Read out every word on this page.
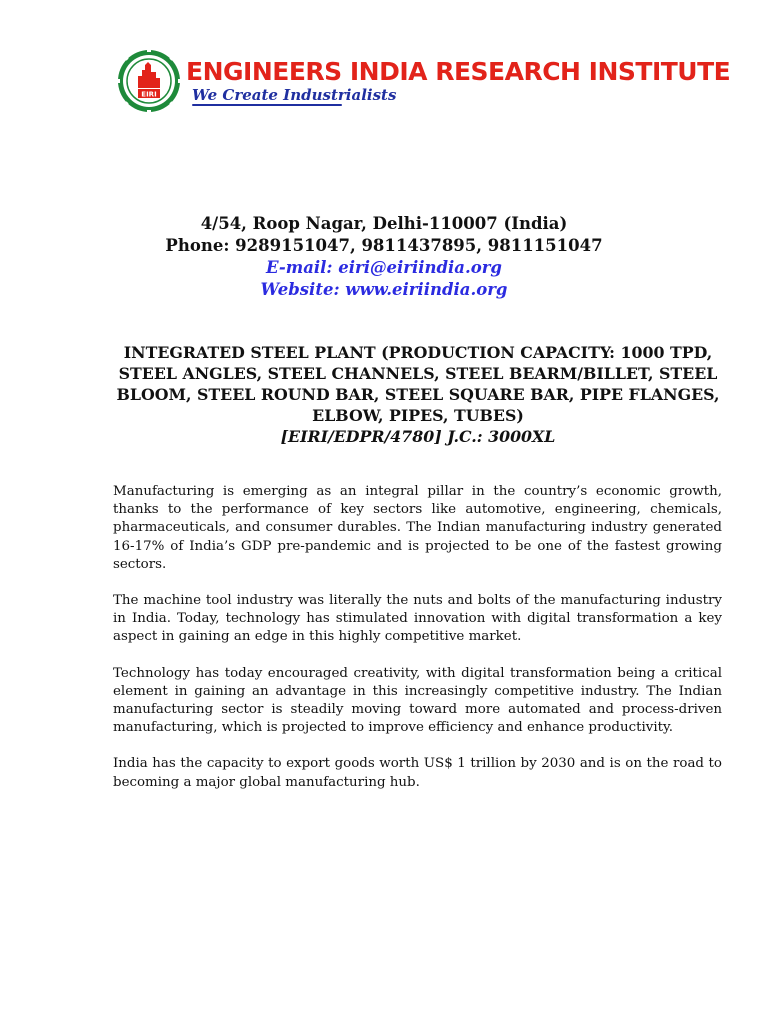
EIRI
ENGINEERS INDIA RESEARCH INSTITUTE
We Create Industrialists
4/54, Roop Nagar, Delhi-110007 (India)
Phone: 9289151047, 9811437895, 9811151047
E-mail: eiri@eiriindia.org
Website: www.eiriindia.org
INTEGRATED STEEL PLANT (PRODUCTION CAPACITY: 1000 TPD, STEEL ANGLES, STEEL CHANNELS, STEEL BEARM/BILLET, STEEL BLOOM, STEEL ROUND BAR, STEEL SQUARE BAR, PIPE FLANGES, ELBOW, PIPES, TUBES)
[EIRI/EDPR/4780] J.C.: 3000XL

Manufacturing is emerging as an integral pillar in the country’s economic growth, thanks to the performance of key sectors like automotive, engineering, chemicals, pharmaceuticals, and consumer durables. The Indian manufacturing industry generated 16-17% of India’s GDP pre-pandemic and is projected to be one of the fastest growing sectors.

The machine tool industry was literally the nuts and bolts of the manufacturing industry in India. Today, technology has stimulated innovation with digital transformation a key aspect in gaining an edge in this highly competitive market.

Technology has today encouraged creativity, with digital transformation being a critical element in gaining an advantage in this increasingly competitive industry. The Indian manufacturing sector is steadily moving toward more automated and process-driven manufacturing, which is projected to improve efficiency and enhance productivity.

India has the capacity to export goods worth US$ 1 trillion by 2030 and is on the road to becoming a major global manufacturing hub.
